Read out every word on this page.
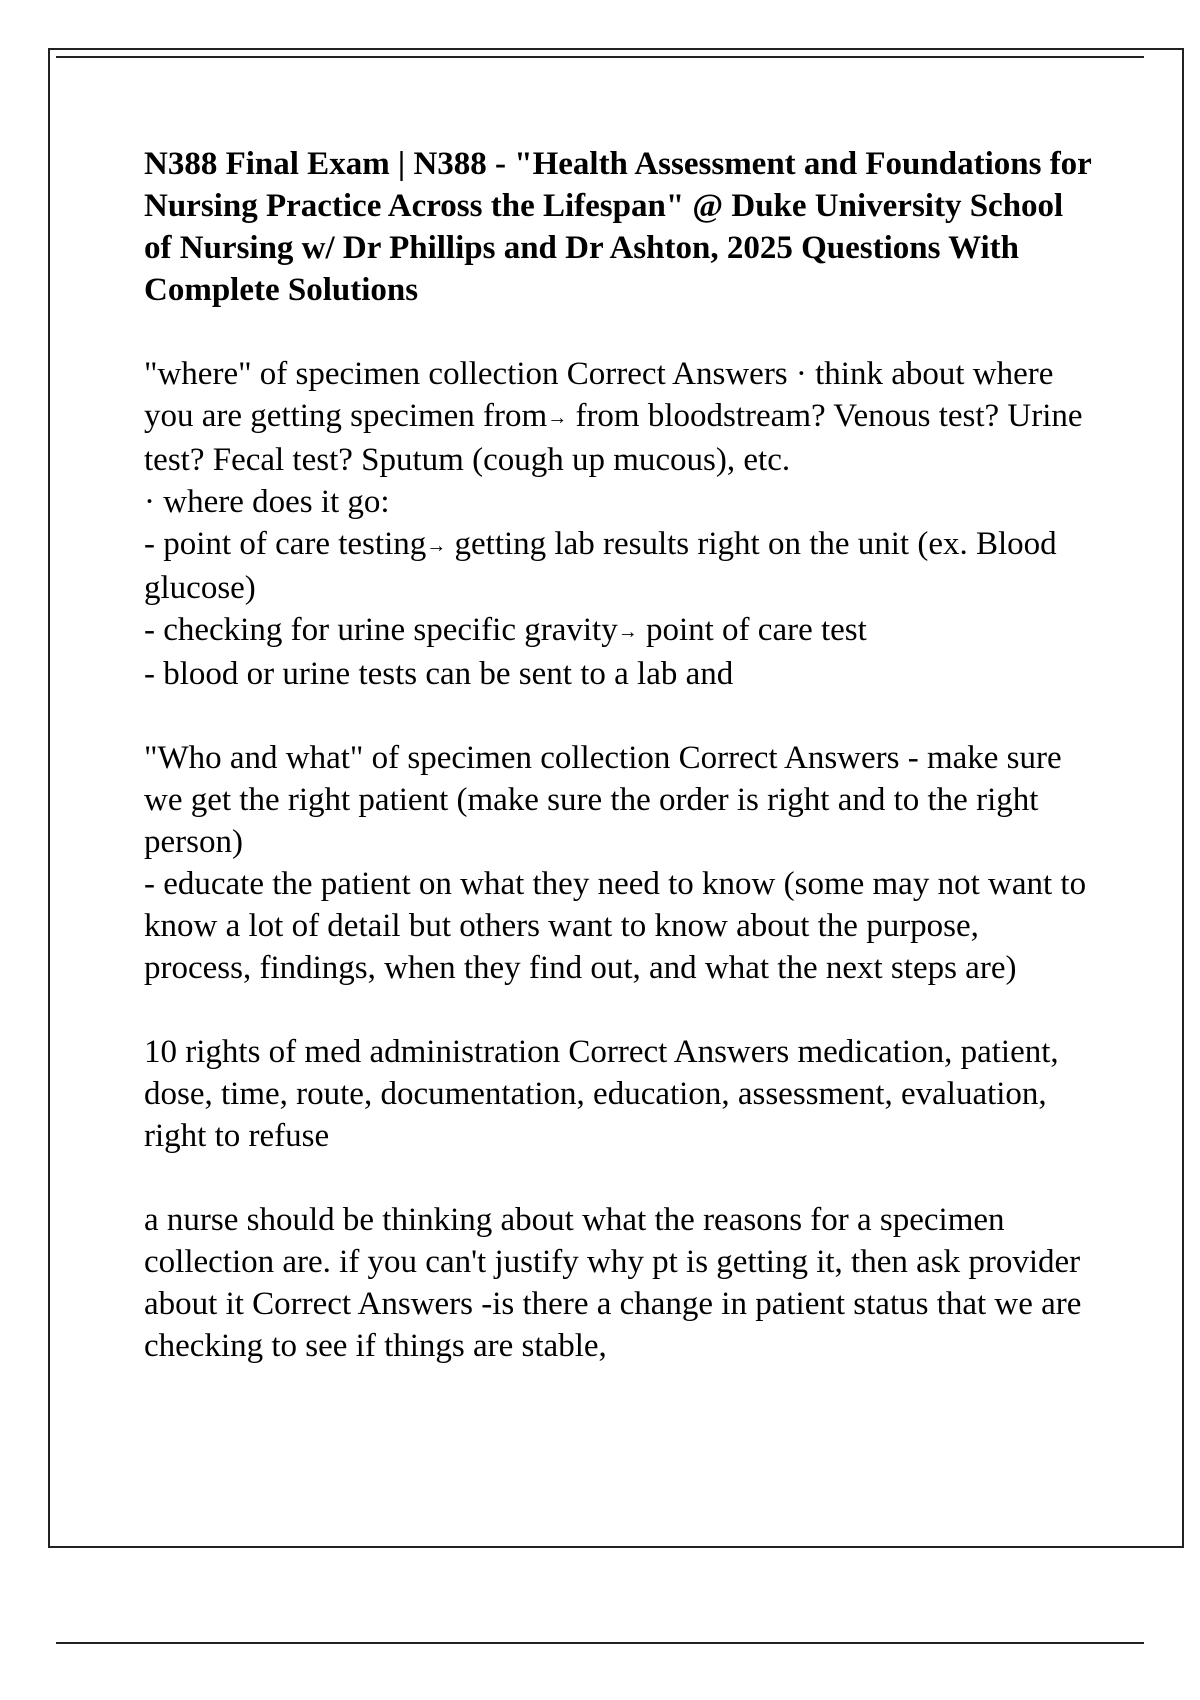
N388 Final Exam | N388 - "Health Assessment and Foundations for Nursing Practice Across the Lifespan" @ Duke University School of Nursing w/ Dr Phillips and Dr Ashton, 2025 Questions With Complete Solutions

"where" of specimen collection Correct Answers · think about where you are getting specimen from→ from bloodstream? Venous test? Urine test? Fecal test? Sputum (cough up mucous), etc.

· where does it go:

- point of care testing→ getting lab results right on the unit (ex. Blood glucose)

- checking for urine specific gravity→ point of care test

- blood or urine tests can be sent to a lab and

"Who and what" of specimen collection Correct Answers - make sure we get the right patient (make sure the order is right and to the right person)

- educate the patient on what they need to know (some may not want to know a lot of detail but others want to know about the purpose, process, findings, when they find out, and what the next steps are)

10 rights of med administration Correct Answers medication, patient, dose, time, route, documentation, education, assessment, evaluation, right to refuse

a nurse should be thinking about what the reasons for a specimen collection are. if you can't justify why pt is getting it, then ask provider about it Correct Answers -is there a change in patient status that we are checking to see if things are stable,
